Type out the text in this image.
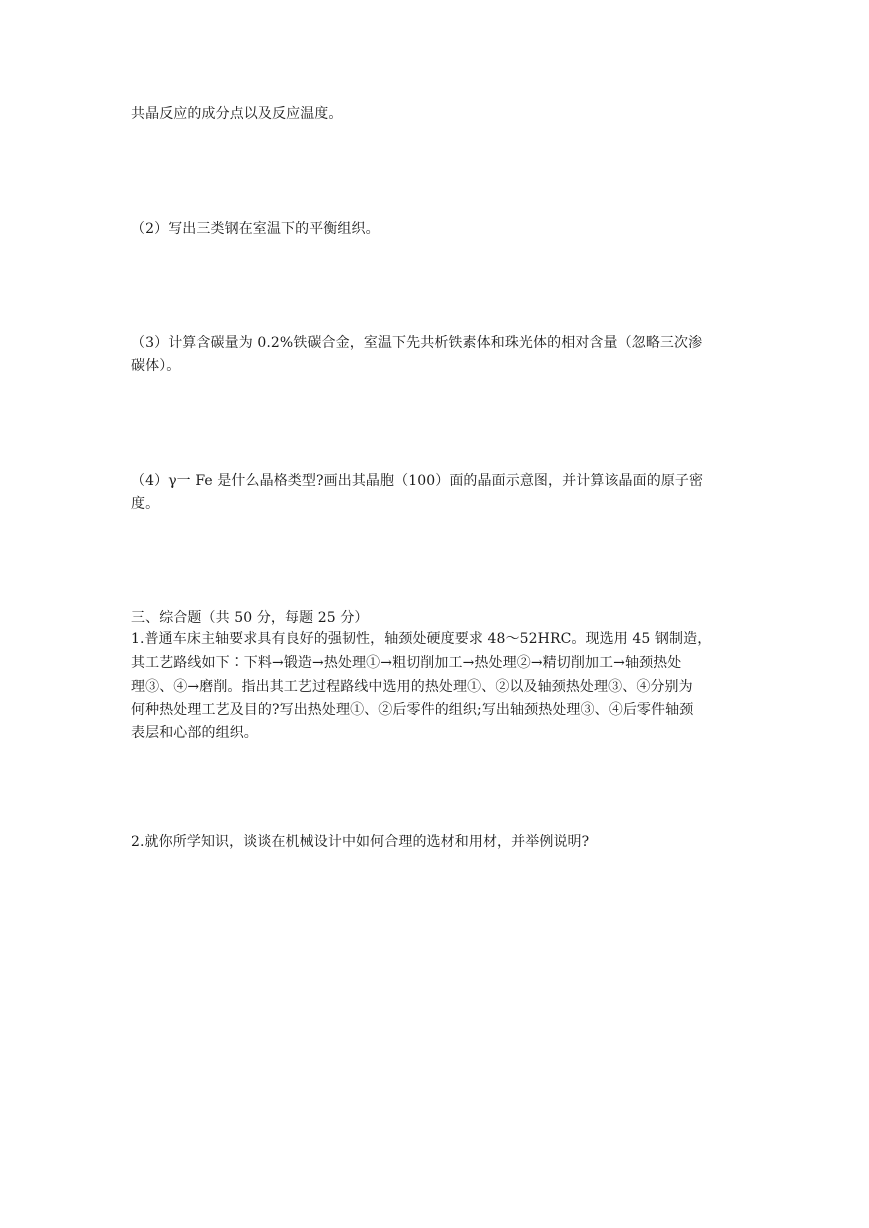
共晶反应的成分点以及反应温度。
（2）写出三类钢在室温下的平衡组织。
（3）计算含碳量为 0.2%铁碳合金，室温下先共析铁素体和珠光体的相对含量（忽略三次渗
碳体）。
（4）γ一 Fe 是什么晶格类型?画出其晶胞（100）面的晶面示意图，并计算该晶面的原子密
度。
三、综合题（共 50 分，每题 25 分）
1.普通车床主轴要求具有良好的强韧性，轴颈处硬度要求 48～52HRC。现选用 45 钢制造，
其工艺路线如下∶下料→锻造→热处理①→粗切削加工→热处理②→精切削加工→轴颈热处
理③、④→磨削。指出其工艺过程路线中选用的热处理①、②以及轴颈热处理③、④分别为
何种热处理工艺及目的?写出热处理①、②后零件的组织;写出轴颈热处理③、④后零件轴颈
表层和心部的组织。
2.就你所学知识，谈谈在机械设计中如何合理的选材和用材，并举例说明?
